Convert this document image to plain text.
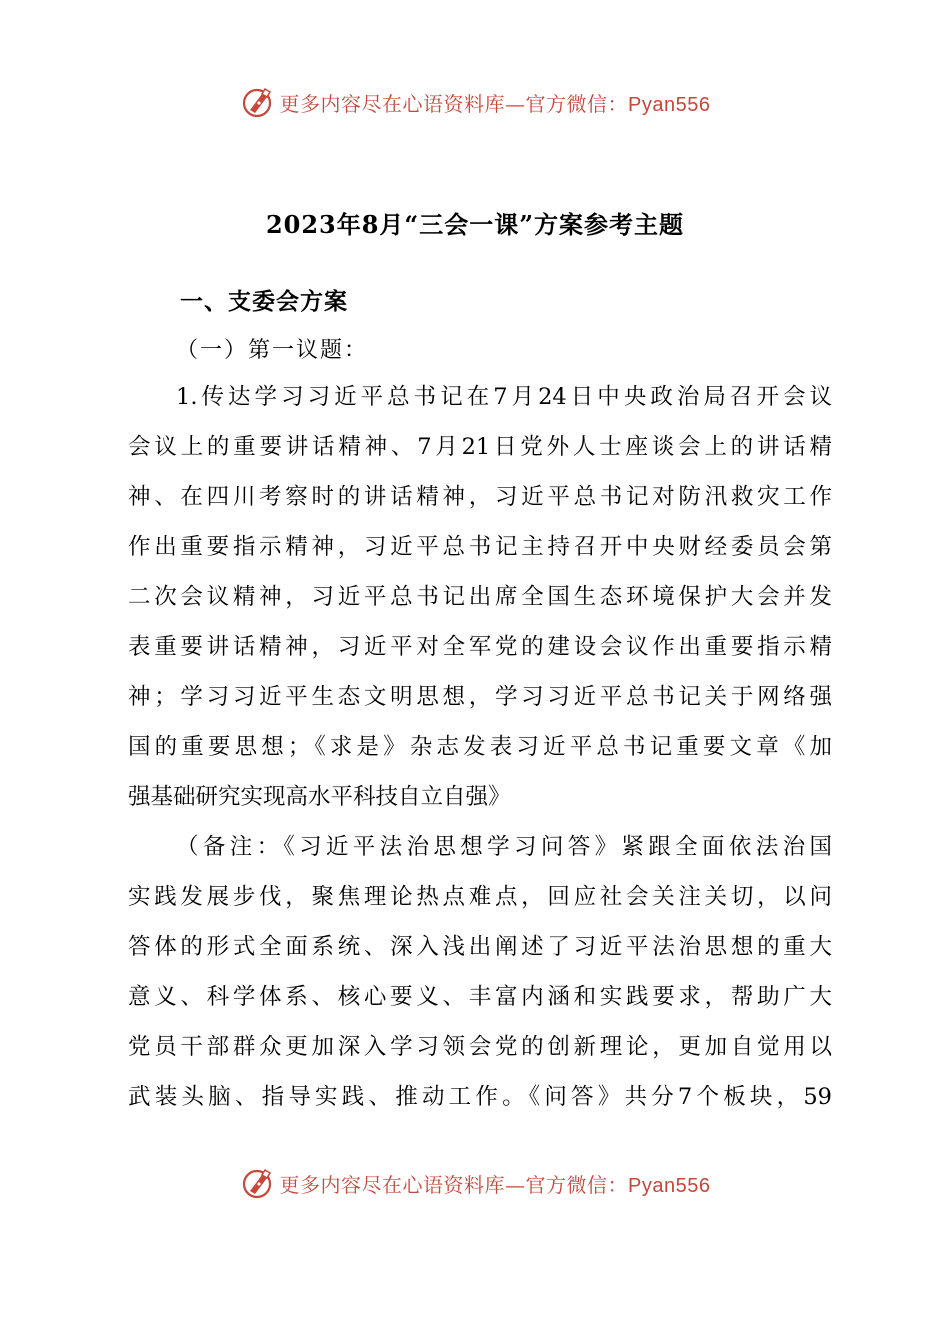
更多内容尽在心语资料库—官方微信：Pyan556
2023年8月“三会一课”方案参考主题
一、支委会方案
（一）第一议题：
1.传达学习习近平总书记在7月24日中央政治局召开会议
会议上的重要讲话精神、7月21日党外人士座谈会上的讲话精
神、在四川考察时的讲话精神，习近平总书记对防汛救灾工作
作出重要指示精神，习近平总书记主持召开中央财经委员会第
二次会议精神，习近平总书记出席全国生态环境保护大会并发
表重要讲话精神，习近平对全军党的建设会议作出重要指示精
神；学习习近平生态文明思想，学习习近平总书记关于网络强
国的重要思想；《求是》杂志发表习近平总书记重要文章《加
强基础研究实现高水平科技自立自强》
（备注：《习近平法治思想学习问答》紧跟全面依法治国
实践发展步伐，聚焦理论热点难点，回应社会关注关切，以问
答体的形式全面系统、深入浅出阐述了习近平法治思想的重大
意义、科学体系、核心要义、丰富内涵和实践要求，帮助广大
党员干部群众更加深入学习领会党的创新理论，更加自觉用以
武装头脑、指导实践、推动工作。《问答》共分7个板块，59
更多内容尽在心语资料库—官方微信：Pyan556
